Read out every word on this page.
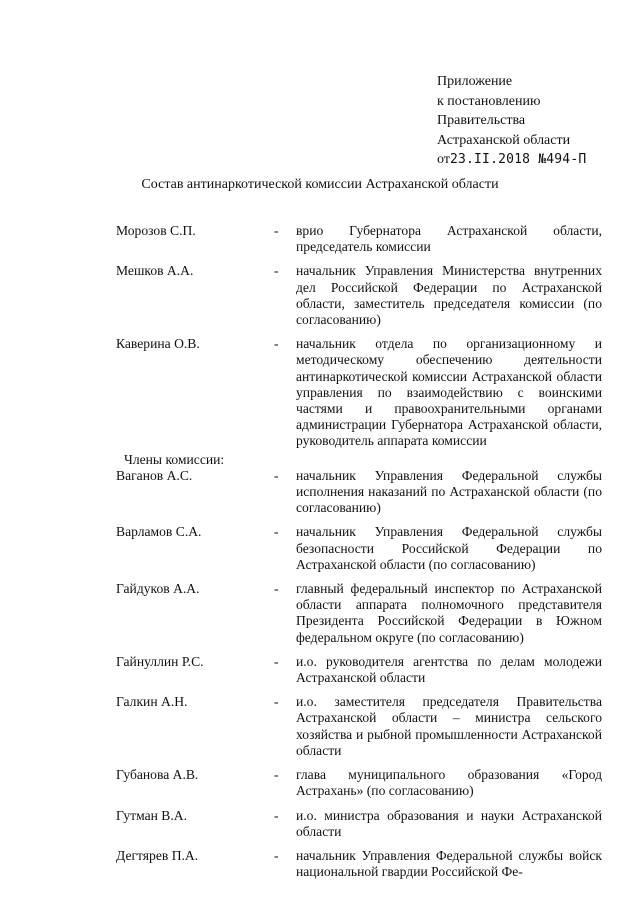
Приложение
к постановлению
Правительства
Астраханской области
от23.II.2018 №494-П
Состав антинаркотической комиссии Астраханской области
Морозов С.П.	-	врио Губернатора Астраханской области, председатель комиссии
Мешков А.А.	-	начальник Управления Министерства внутренних дел Российской Федерации по Астраханской области, заместитель председателя комиссии (по согласованию)
Каверина О.В.	-	начальник отдела по организационному и методическому обеспечению деятельности антинаркотической комиссии Астраханской области управления по взаимодействию с воинскими частями и правоохранительными органами администрации Губернатора Астраханской области, руководитель аппарата комиссии
Члены комиссии:
Ваганов А.С.	-	начальник Управления Федеральной службы исполнения наказаний по Астраханской области (по согласованию)
Варламов С.А.	-	начальник Управления Федеральной службы безопасности Российской Федерации по Астраханской области (по согласованию)
Гайдуков А.А.	-	главный федеральный инспектор по Астраханской области аппарата полномочного представителя Президента Российской Федерации в Южном федеральном округе (по согласованию)
Гайнуллин Р.С.	-	и.о. руководителя агентства по делам молодежи Астраханской области
Галкин А.Н.	-	и.о. заместителя председателя Правительства Астраханской области – министра сельского хозяйства и рыбной промышленности Астраханской области
Губанова А.В.	-	глава муниципального образования «Город Астрахань» (по согласованию)
Гутман В.А.	-	и.о. министра образования и науки Астраханской области
Дегтярев П.А.	-	начальник Управления Федеральной службы войск национальной гвардии Российской Фе-
